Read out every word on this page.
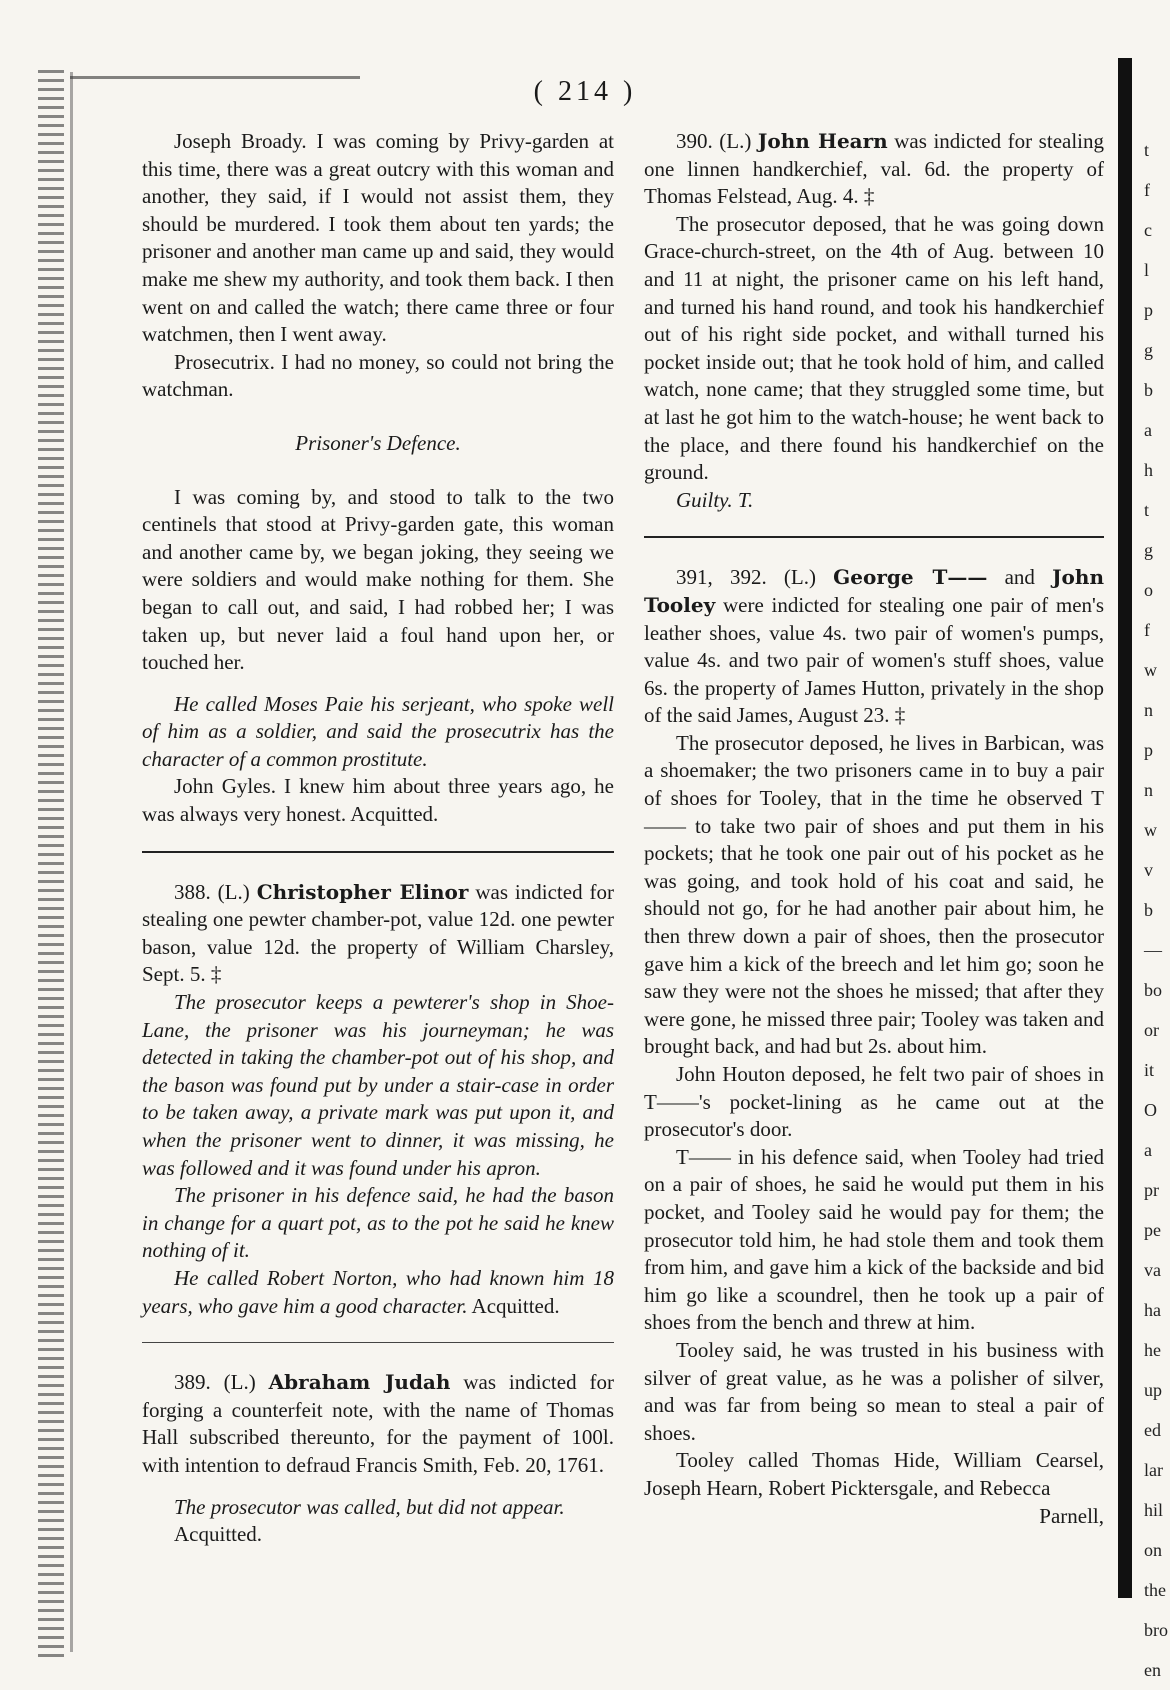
t
f
c
l
p
g
b
a
h
t
g
o
f
w
n
p
n
w
v
b
—
bo
or
it
O
a
pr
pe
va
ha
he
up
ed
lar
hil
on
the
bro
en
( 214 )

Joseph Broady. I was coming by Privy-garden at this time, there was a great outcry with this woman and another, they said, if I would not assist them, they should be murdered. I took them about ten yards; the prisoner and another man came up and said, they would make me shew my authority, and took them back. I then went on and called the watch; there came three or four watchmen, then I went away.

Prosecutrix. I had no money, so could not bring the watchman.

Prisoner's Defence.

I was coming by, and stood to talk to the two centinels that stood at Privy-garden gate, this woman and another came by, we began joking, they seeing we were soldiers and would make nothing for them. She began to call out, and said, I had robbed her; I was taken up, but never laid a foul hand upon her, or touched her.

He called Moses Paie his serjeant, who spoke well of him as a soldier, and said the prosecutrix has the character of a common prostitute.

John Gyles. I knew him about three years ago, he was always very honest. Acquitted.

388. (L.) Christopher Elinor was indicted for stealing one pewter chamber-pot, value 12d. one pewter bason, value 12d. the property of William Charsley, Sept. 5. ‡

The prosecutor keeps a pewterer's shop in Shoe-Lane, the prisoner was his journeyman; he was detected in taking the chamber-pot out of his shop, and the bason was found put by under a stair-case in order to be taken away, a private mark was put upon it, and when the prisoner went to dinner, it was missing, he was followed and it was found under his apron.

The prisoner in his defence said, he had the bason in change for a quart pot, as to the pot he said he knew nothing of it.

He called Robert Norton, who had known him 18 years, who gave him a good character. Acquitted.

389. (L.) Abraham Judah was indicted for forging a counterfeit note, with the name of Thomas Hall subscribed thereunto, for the payment of 100l. with intention to defraud Francis Smith, Feb. 20, 1761.

The prosecutor was called, but did not appear.

Acquitted.

390. (L.) John Hearn was indicted for stealing one linnen handkerchief, val. 6d. the property of Thomas Felstead, Aug. 4. ‡

The prosecutor deposed, that he was going down Grace-church-street, on the 4th of Aug. between 10 and 11 at night, the prisoner came on his left hand, and turned his hand round, and took his handkerchief out of his right side pocket, and withall turned his pocket inside out; that he took hold of him, and called watch, none came; that they struggled some time, but at last he got him to the watch-house; he went back to the place, and there found his handkerchief on the ground.

Guilty. T.

391, 392. (L.) George T—— and John Tooley were indicted for stealing one pair of men's leather shoes, value 4s. two pair of women's pumps, value 4s. and two pair of women's stuff shoes, value 6s. the property of James Hutton, privately in the shop of the said James, August 23. ‡

The prosecutor deposed, he lives in Barbican, was a shoemaker; the two prisoners came in to buy a pair of shoes for Tooley, that in the time he observed T—— to take two pair of shoes and put them in his pockets; that he took one pair out of his pocket as he was going, and took hold of his coat and said, he should not go, for he had another pair about him, he then threw down a pair of shoes, then the prosecutor gave him a kick of the breech and let him go; soon he saw they were not the shoes he missed; that after they were gone, he missed three pair; Tooley was taken and brought back, and had but 2s. about him.

John Houton deposed, he felt two pair of shoes in T——'s pocket-lining as he came out at the prosecutor's door.

T—— in his defence said, when Tooley had tried on a pair of shoes, he said he would put them in his pocket, and Tooley said he would pay for them; the prosecutor told him, he had stole them and took them from him, and gave him a kick of the backside and bid him go like a scoundrel, then he took up a pair of shoes from the bench and threw at him.

Tooley said, he was trusted in his business with silver of great value, as he was a polisher of silver, and was far from being so mean to steal a pair of shoes.

Tooley called Thomas Hide, William Cearsel, Joseph Hearn, Robert Picktersgale, and Rebecca

Parnell,
